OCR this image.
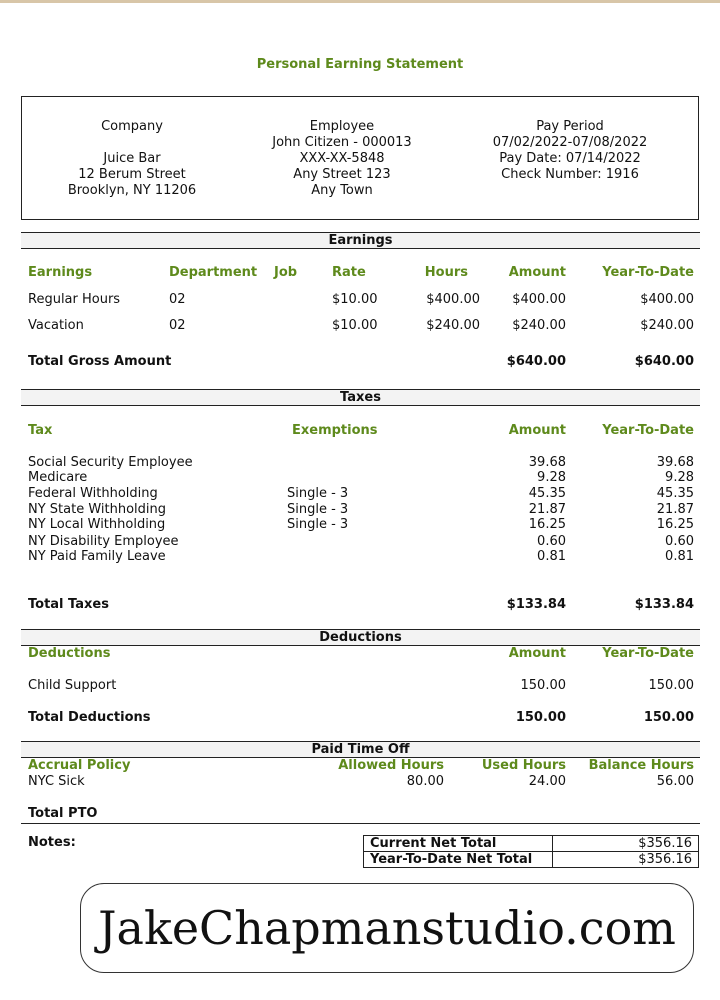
Personal Earning Statement
Company
Juice Bar
12 Berum Street
Brooklyn, NY 11206
Employee
John Citizen - 000013
XXX-XX-5848
Any Street 123
Any Town
Pay Period
07/02/2022-07/08/2022
Pay Date: 07/14/2022
Check Number: 1916
Earnings
Earnings	Department Job	Rate	Hours	Amount	Year-To-Date
Regular Hours	02	$10.00	$400.00	$400.00	$400.00
Vacation	02	$10.00	$240.00	$240.00	$240.00
Total Gross Amount	$640.00	$640.00
Taxes
Tax	Exemptions	Amount	Year-To-Date
Social Security Employee	39.68	39.68
Medicare	9.28	9.28
Federal Withholding	Single - 3	45.35	45.35
NY State Withholding	Single - 3	21.87	21.87
NY Local Withholding	Single - 3	16.25	16.25
NY Disability Employee	0.60	0.60
NY Paid Family Leave	0.81	0.81
Total Taxes	$133.84	$133.84
Deductions
Deductions	Amount	Year-To-Date
Child Support	150.00	150.00
Total Deductions	150.00	150.00
Paid Time Off
Accrual Policy	Allowed Hours	Used Hours	Balance Hours
NYC Sick	80.00	24.00	56.00
Total PTO
Notes:	Current Net Total	$356.16
Year-To-Date Net Total	$356.16
JakeChapmanstudio.com
